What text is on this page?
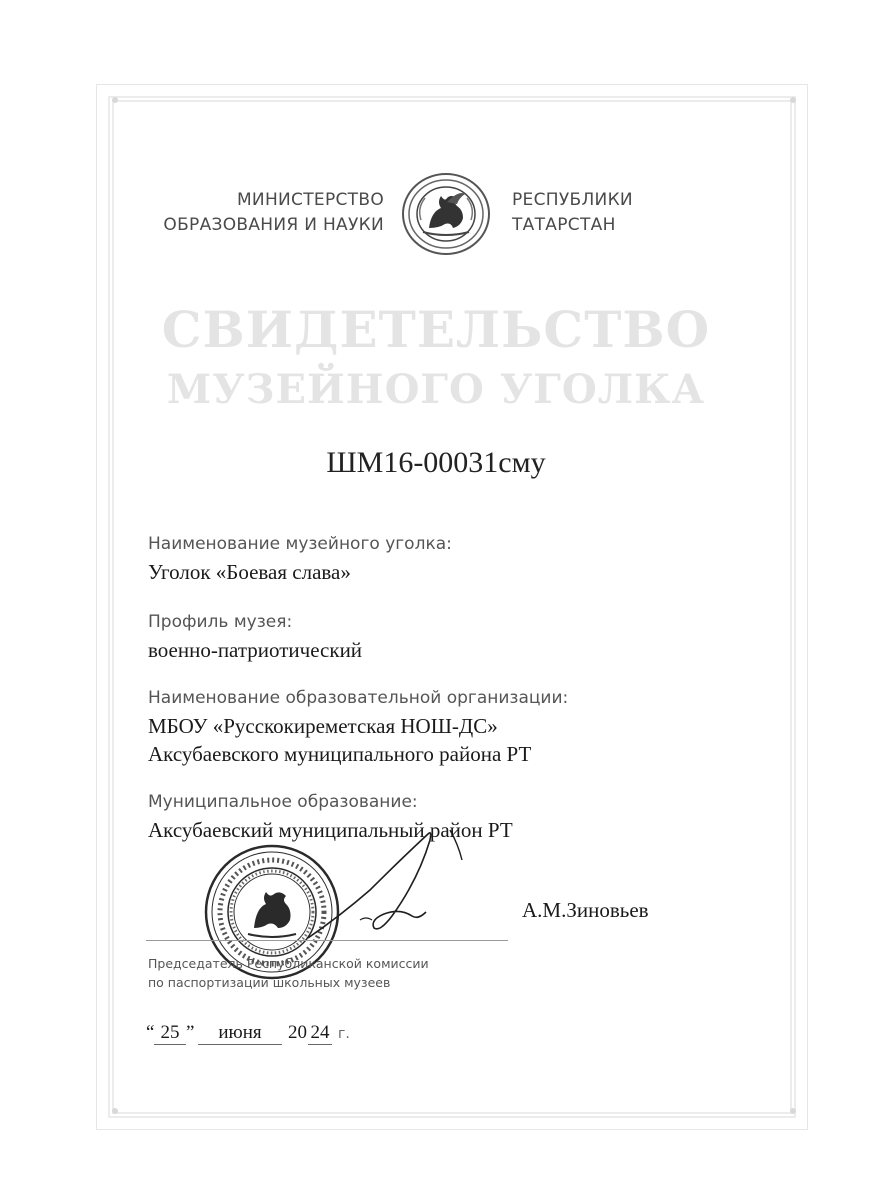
МИНИСТЕРСТВО
ОБРАЗОВАНИЯ И НАУКИ
РЕСПУБЛИКИ
ТАТАРСТАН
СВИДЕТЕЛЬСТВО
МУЗЕЙНОГО УГОЛКА
ШМ16-00031сму
Наименование музейного уголка:
Уголок «Боевая слава»
Профиль музея:
военно-патриотический
Наименование образовательной организации:
МБОУ «Русскокиреметская НОШ-ДС»
Аксубаевского муниципального района РТ
Муниципальное образование:
Аксубаевский муниципальный район РТ
А.М.Зиновьев
Председатель Республиканской комиссии
по паспортизации школьных музеев
“ 25 ”	июня	20 24 г.
